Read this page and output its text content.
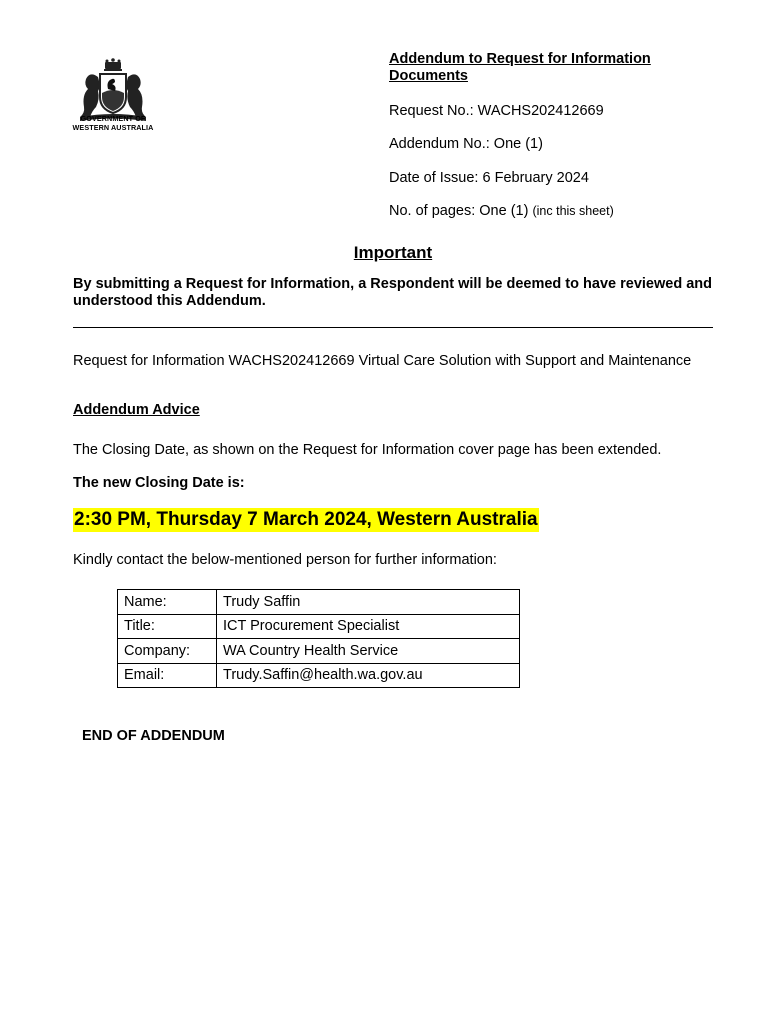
GOVERNMENT OF
WESTERN AUSTRALIA
Addendum to Request for Information Documents
Request No.: WACHS202412669
Addendum No.: One (1)
Date of Issue: 6 February 2024
No. of pages: One (1) (inc this sheet)
Important
By submitting a Request for Information, a Respondent will be deemed to have reviewed and understood this Addendum.
Request for Information WACHS202412669 Virtual Care Solution with Support and Maintenance
Addendum Advice
The Closing Date, as shown on the Request for Information cover page has been extended.
The new Closing Date is:
2:30 PM, Thursday 7 March 2024, Western Australia
Kindly contact the below-mentioned person for further information:
Name:	Trudy Saffin
Title:	ICT Procurement Specialist
Company:	WA Country Health Service
Email:	Trudy.Saffin@health.wa.gov.au
END OF ADDENDUM
